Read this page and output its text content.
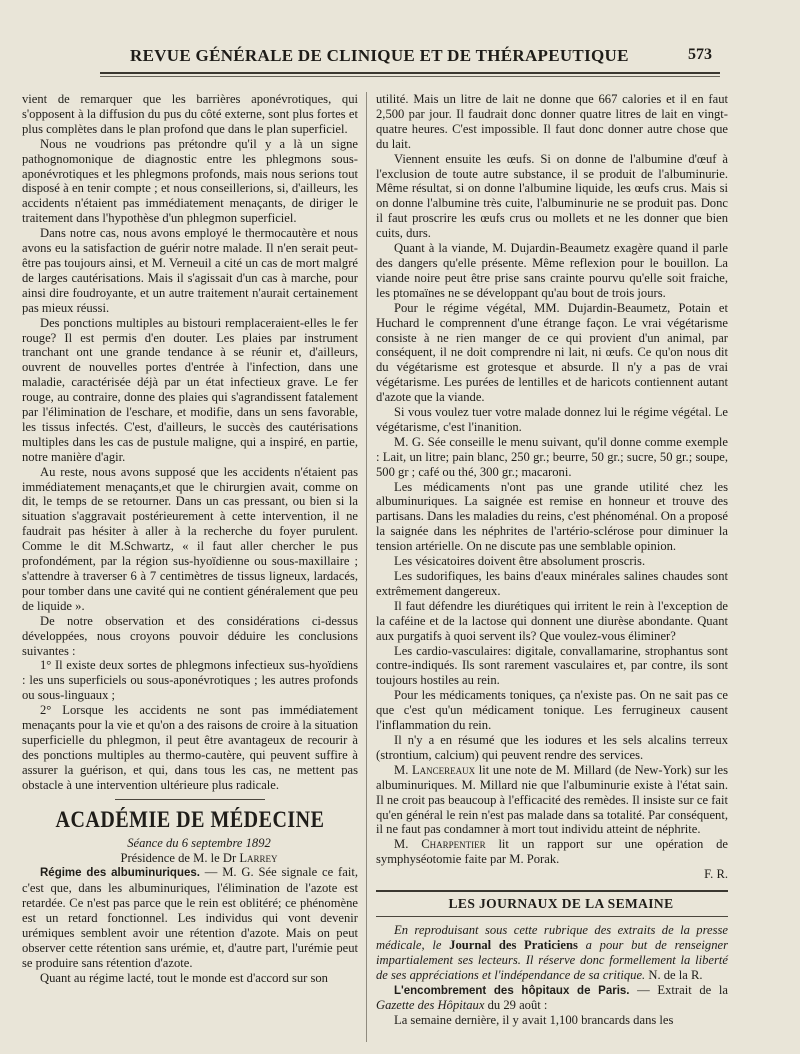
REVUE GÉNÉRALE DE CLINIQUE ET DE THÉRAPEUTIQUE	573

vient de remarquer que les barrières aponévrotiques, qui s'opposent à la diffusion du pus du côté externe, sont plus fortes et plus complètes dans le plan profond que dans le plan superficiel.

Nous ne voudrions pas prétondre qu'il y a là un signe pathognomonique de diagnostic entre les phlegmons sous-aponévrotiques et les phlegmons profonds, mais nous serions tout disposé à en tenir compte ; et nous conseillerions, si, d'ailleurs, les accidents n'étaient pas immédiatement menaçants, de diriger le traitement dans l'hypothèse d'un phlegmon superficiel.

Dans notre cas, nous avons employé le thermocautère et nous avons eu la satisfaction de guérir notre malade. Il n'en serait peut-être pas toujours ainsi, et M. Verneuil a cité un cas de mort malgré de larges cautérisations. Mais il s'agissait d'un cas à marche, pour ainsi dire foudroyante, et un autre traitement n'aurait certainement pas mieux réussi.

Des ponctions multiples au bistouri remplaceraient-elles le fer rouge? Il est permis d'en douter. Les plaies par instrument tranchant ont une grande tendance à se réunir et, d'ailleurs, ouvrent de nouvelles portes d'entrée à l'infection, dans une maladie, caractérisée déjà par un état infectieux grave. Le fer rouge, au contraire, donne des plaies qui s'agrandissent fatalement par l'élimination de l'eschare, et modifie, dans un sens favorable, les tissus infectés. C'est, d'ailleurs, le succès des cautérisations multiples dans les cas de pustule maligne, qui a inspiré, en partie, notre manière d'agir.

Au reste, nous avons supposé que les accidents n'étaient pas immédiatement menaçants,et que le chirurgien avait, comme on dit, le temps de se retourner. Dans un cas pressant, ou bien si la situation s'aggravait postérieurement à cette intervention, il ne faudrait pas hésiter à aller à la recherche du foyer purulent. Comme le dit M.Schwartz, « il faut aller chercher le pus profondément, par la région sus-hyoïdienne ou sous-maxillaire ; s'attendre à traverser 6 à 7 centimètres de tissus ligneux, lardacés, pour tomber dans une cavité qui ne contient généralement que peu de liquide ».

De notre observation et des considérations ci-dessus développées, nous croyons pouvoir déduire les conclusions suivantes :

1° Il existe deux sortes de phlegmons infectieux sus-hyoïdiens : les uns superficiels ou sous-aponévrotiques ; les autres profonds ou sous-linguaux ;

2° Lorsque les accidents ne sont pas immédiatement menaçants pour la vie et qu'on a des raisons de croire à la situation superficielle du phlegmon, il peut être avantageux de recourir à des ponctions multiples au thermo-cautère, qui peuvent suffire à assurer la guérison, et qui, dans tous les cas, ne mettent pas obstacle à une intervention ultérieure plus radicale.

ACADÉMIE DE MÉDECINE

Séance du 6 septembre 1892

Présidence de M. le Dr Larrey

Régime des albuminuriques. — M. G. Sée signale ce fait, c'est que, dans les albuminuriques, l'élimination de l'azote est retardée. Ce n'est pas parce que le rein est oblitéré; ce phénomène est un retard fonctionnel. Les individus qui vont devenir urémiques semblent avoir une rétention d'azote. Mais on peut observer cette rétention sans urémie, et, d'autre part, l'urémie peut se produire sans rétention d'azote.

Quant au régime lacté, tout le monde est d'accord sur son

utilité. Mais un litre de lait ne donne que 667 calories et il en faut 2,500 par jour. Il faudrait donc donner quatre litres de lait en vingt-quatre heures. C'est impossible. Il faut donc donner autre chose que du lait.

Viennent ensuite les œufs. Si on donne de l'albumine d'œuf à l'exclusion de toute autre substance, il se produit de l'albuminurie. Même résultat, si on donne l'albumine liquide, les œufs crus. Mais si on donne l'albumine très cuite, l'albuminurie ne se produit pas. Donc il faut proscrire les œufs crus ou mollets et ne les donner que bien cuits, durs.

Quant à la viande, M. Dujardin-Beaumetz exagère quand il parle des dangers qu'elle présente. Même reflexion pour le bouillon. La viande noire peut être prise sans crainte pourvu qu'elle soit fraiche, les ptomaïnes ne se développant qu'au bout de trois jours.

Pour le régime végétal, MM. Dujardin-Beaumetz, Potain et Huchard le comprennent d'une étrange façon. Le vrai végétarisme consiste à ne rien manger de ce qui provient d'un animal, par conséquent, il ne doit comprendre ni lait, ni œufs. Ce qu'on nous dit du végétarisme est grotesque et absurde. Il n'y a pas de vrai végétarisme. Les purées de lentilles et de haricots contiennent autant d'azote que la viande.

Si vous voulez tuer votre malade donnez lui le régime végétal. Le végétarisme, c'est l'inanition.

M. G. Sée conseille le menu suivant, qu'il donne comme exemple : Lait, un litre; pain blanc, 250 gr.; beurre, 50 gr.; sucre, 50 gr.; soupe, 500 gr ; café ou thé, 300 gr.; macaroni.

Les médicaments n'ont pas une grande utilité chez les albuminuriques. La saignée est remise en honneur et trouve des partisans. Dans les maladies du reins, c'est phénoménal. On a proposé la saignée dans les néphrites de l'artério-sclérose pour diminuer la tension artérielle. On ne discute pas une semblable opinion.

Les vésicatoires doivent être absolument proscris.

Les sudorifiques, les bains d'eaux minérales salines chaudes sont extrêmement dangereux.

Il faut défendre les diurétiques qui irritent le rein à l'exception de la caféine et de la lactose qui donnent une diurèse abondante. Quant aux purgatifs à quoi servent ils? Que voulez-vous éliminer?

Les cardio-vasculaires: digitale, convallamarine, strophantus sont contre-indiqués. Ils sont rarement vasculaires et, par contre, ils sont toujours hostiles au rein.

Pour les médicaments toniques, ça n'existe pas. On ne sait pas ce que c'est qu'un médicament tonique. Les ferrugineux causent l'inflammation du rein.

Il n'y a en résumé que les iodures et les sels alcalins terreux (strontium, calcium) qui peuvent rendre des services.

M. Lancereaux lit une note de M. Millard (de New-York) sur les albuminuriques. M. Millard nie que l'albuminurie existe à l'état sain. Il ne croit pas beaucoup à l'efficacité des remèdes. Il insiste sur ce fait qu'en général le rein n'est pas malade dans sa totalité. Par conséquent, il ne faut pas condamner à mort tout individu atteint de néphrite.

M. Charpentier lit un rapport sur une opération de symphyséotomie faite par M. Porak.

F. R.

LES JOURNAUX DE LA SEMAINE

En reproduisant sous cette rubrique des extraits de la presse médicale, le Journal des Praticiens a pour but de renseigner impartialement ses lecteurs. Il réserve donc formellement la liberté de ses appréciations et l'indépendance de sa critique. N. de la R.

L'encombrement des hôpitaux de Paris. — Extrait de la Gazette des Hôpitaux du 29 août :

La semaine dernière, il y avait 1,100 brancards dans les
